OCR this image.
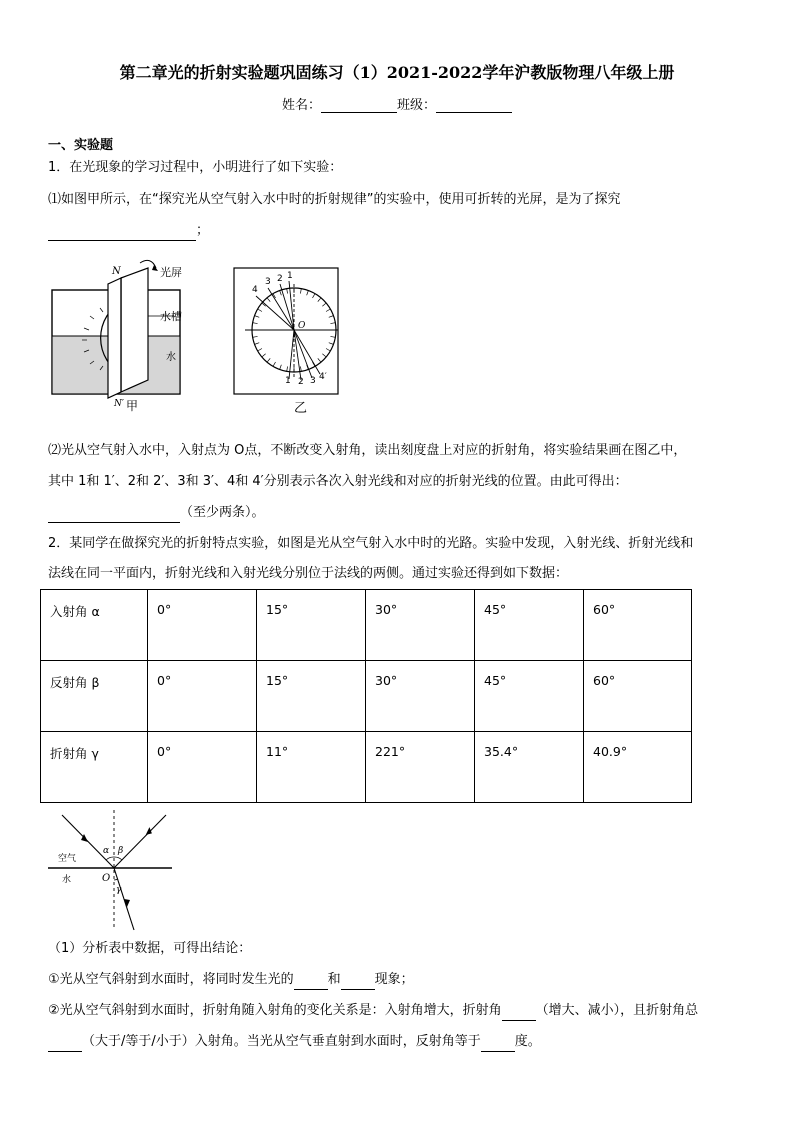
第二章光的折射实验题巩固练习（1）2021-2022学年沪教版物理八年级上册
姓名：	班级：
一、实验题
1．在光现象的学习过程中，小明进行了如下实验：
⑴如图甲所示，在“探究光从空气射入水中时的折射规律”的实验中，使用可折转的光屏，是为了探究
；
N	光屏
水槽
水
N′ 甲
O
4
3 2 1
1 2 3 4′
乙
⑵光从空气射入水中，入射点为 O点，不断改变入射角，读出刻度盘上对应的折射角，将实验结果画在图乙中，
其中 1和 1′、2和 2′、3和 3′、4和 4′分别表示各次入射光线和对应的折射光线的位置。由此可得出：
（至少两条）。
2．某同学在做探究光的折射特点实验，如图是光从空气射入水中时的光路。实验中发现，入射光线、折射光线和
法线在同一平面内，折射光线和入射光线分别位于法线的两侧。通过实验还得到如下数据：
入射角 α	0°	15°	30°	45°	60°
反射角 β	0°	15°	30°	45°	60°
折射角 γ	0°	11°	221°	35.4°	40.9°
空气
水	O
α β
γ
（1）分析表中数据，可得出结论：
①光从空气斜射到水面时，将同时发生光的	和	现象；
②光从空气斜射到水面时，折射角随入射角的变化关系是：入射角增大，折射角	（增大、减小），且折射角总
（大于/等于/小于）入射角。当光从空气垂直射到水面时，反射角等于	度。
